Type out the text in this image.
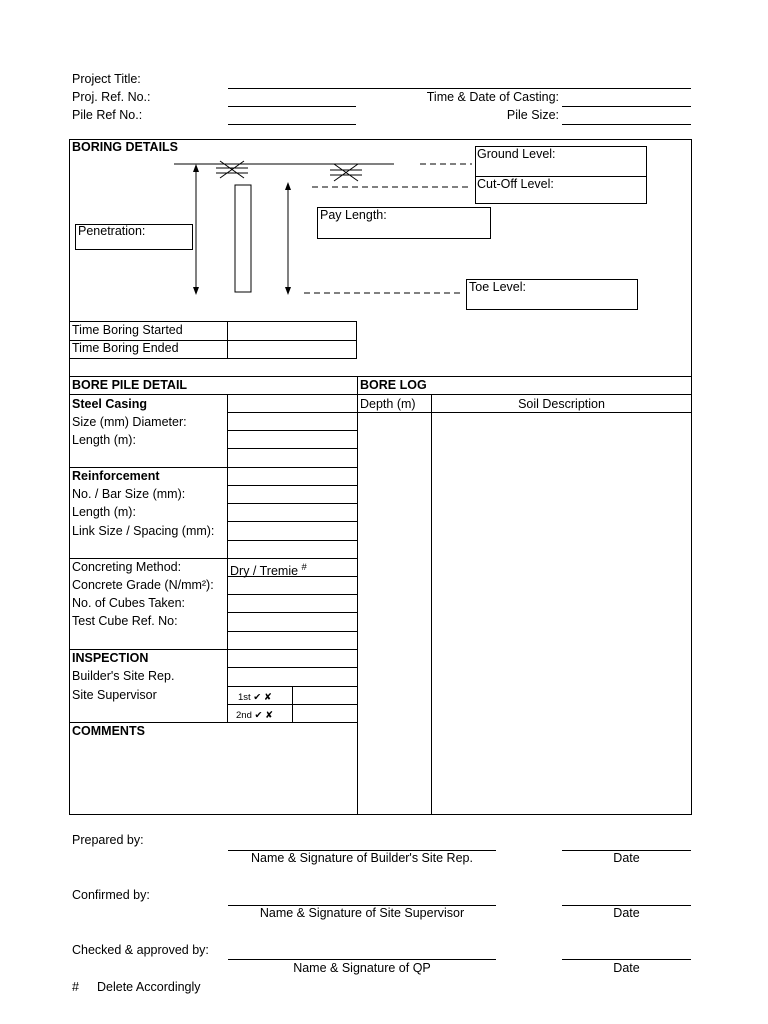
Project Title:
Proj. Ref. No.:
Pile Ref No.:
Time & Date of Casting:
Pile Size:
BORING DETAILS	Ground Level:
Cut-Off Level:
Pay Length:
Penetration:
Toe Level:
Time Boring Started
Time Boring Ended
BORE PILE DETAIL	BORE LOG
Depth (m)	Soil Description
Steel Casing
Size (mm) Diameter:
Length (m):
Reinforcement
No. / Bar Size (mm):
Length (m):
Link Size / Spacing (mm):
Concreting Method:	Dry / Tremie #
Concrete Grade (N/mm²):
No. of Cubes Taken:
Test Cube Ref. No:
INSPECTION
Builder's Site Rep.
Site Supervisor	1st ✔ ✘
2nd ✔ ✘
COMMENTS
Prepared by:
Name & Signature of Builder's Site Rep.	Date
Confirmed by:
Name & Signature of Site Supervisor	Date
Checked & approved by:
Name & Signature of QP	Date
# Delete Accordingly
